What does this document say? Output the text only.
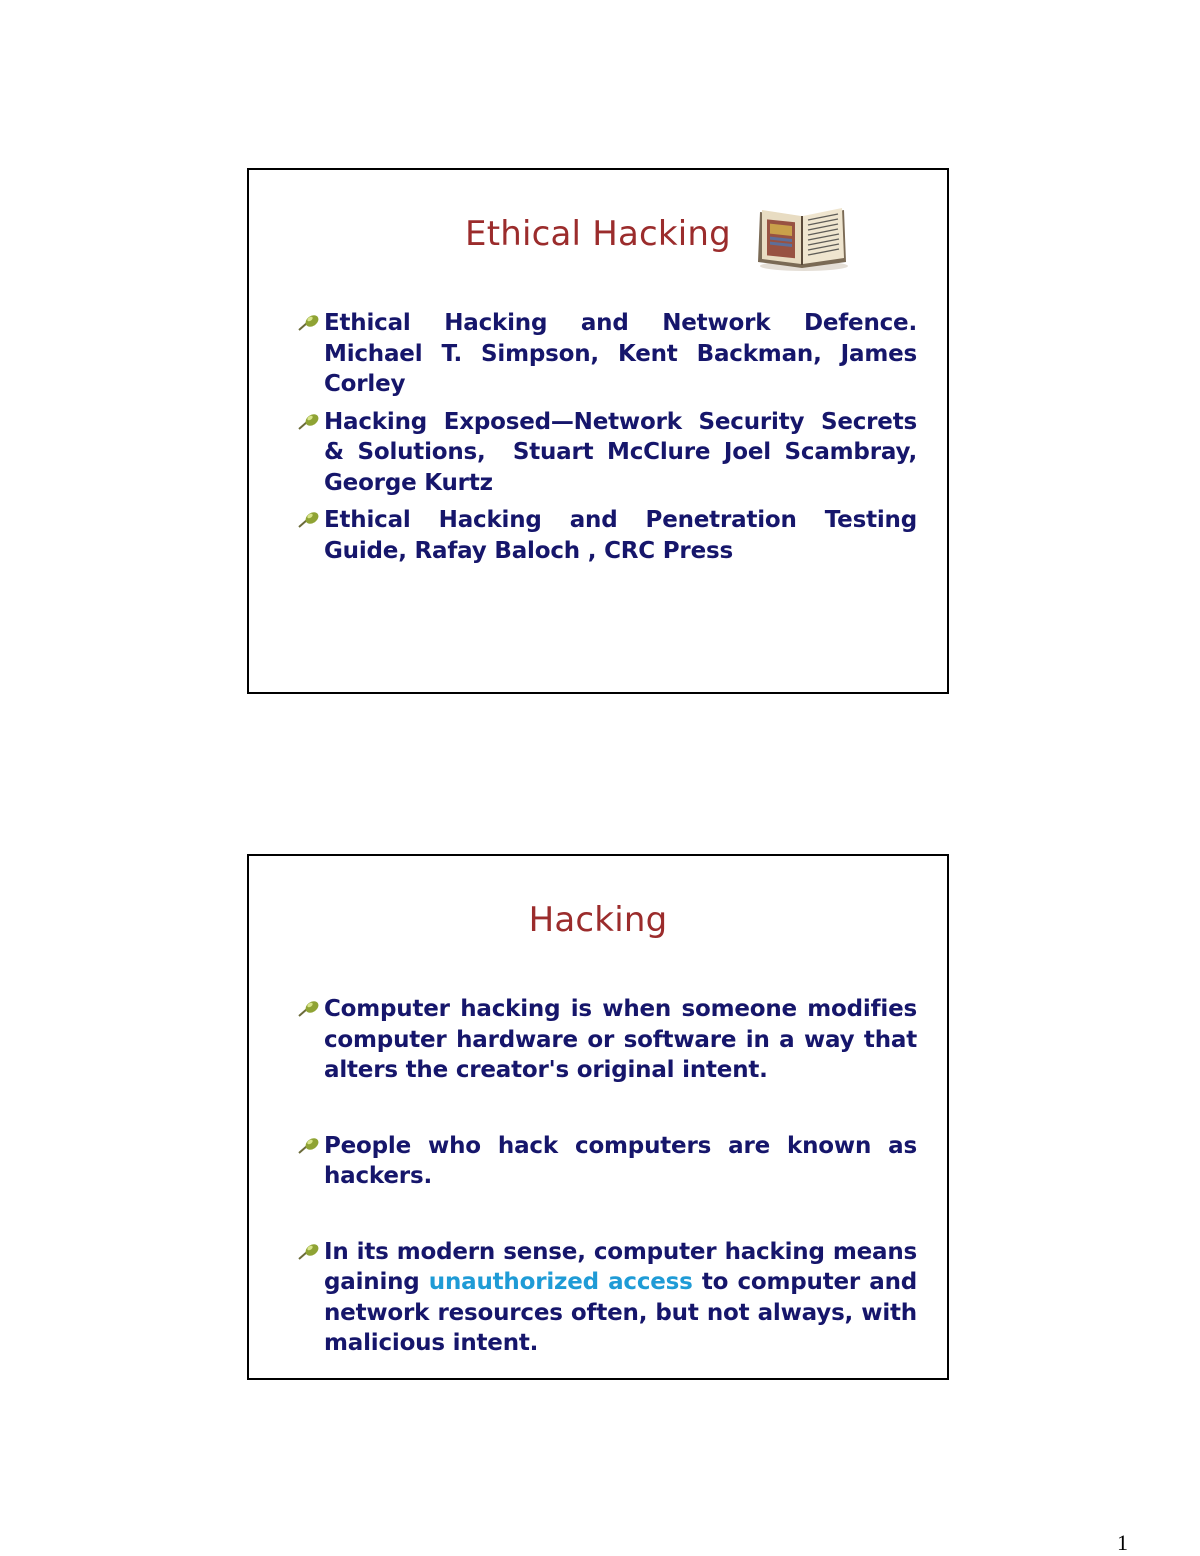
Ethical Hacking
Ethical Hacking and Network Defence. Michael T. Simpson, Kent Backman, James Corley
Hacking Exposed—Network Security Secrets & Solutions,  Stuart McClure Joel Scambray, George Kurtz
Ethical Hacking and Penetration Testing Guide, Rafay Baloch , CRC Press
Hacking
Computer hacking is when someone modifies computer hardware or software in a way that alters the creator's original intent.
People who hack computers are known as hackers.
In its modern sense, computer hacking means gaining unauthorized access to computer and network resources often, but not always, with malicious intent.
1
